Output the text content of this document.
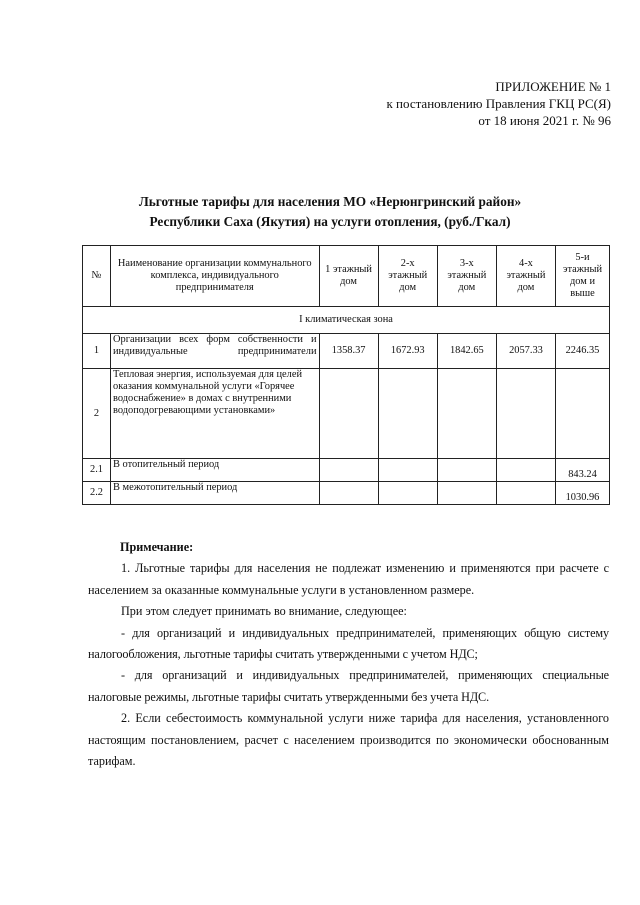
ПРИЛОЖЕНИЕ № 1
к постановлению Правления ГКЦ РС(Я)
от 18 июня 2021 г. № 96
Льготные тарифы для населения МО «Нерюнгринский район»
Республики Саха (Якутия) на услуги отопления, (руб./Гкал)
№	Наименование организации коммунального комплекса, индивидуального предпринимателя	1 этажный дом	2-х этажный дом	3-х этажный дом	4-х этажный дом	5-и этажный дом и выше
I климатическая зона						
1	Организации всех форм собственности и индивидуальные предприниматели	1358.37	1672.93	1842.65	2057.33	2246.35
2	Тепловая энергия, используемая для целей оказания коммунальной услуги «Горячее водоснабжение» в домах с внутренними водоподогревающими установками»					
2.1	В отопительный период					843.24
2.2	В межотопительный период					1030.96
Примечание:

1. Льготные тарифы для населения не подлежат изменению и применяются при расчете с населением за оказанные коммунальные услуги в установленном размере.

При этом следует принимать во внимание, следующее:

- для организаций и индивидуальных предпринимателей, применяющих общую систему налогообложения, льготные тарифы считать утвержденными с учетом НДС;

- для организаций и индивидуальных предпринимателей, применяющих специальные налоговые режимы, льготные тарифы считать утвержденными без учета НДС.

2. Если себестоимость коммунальной услуги ниже тарифа для населения, установленного настоящим постановлением, расчет с населением производится по экономически обоснованным тарифам.
